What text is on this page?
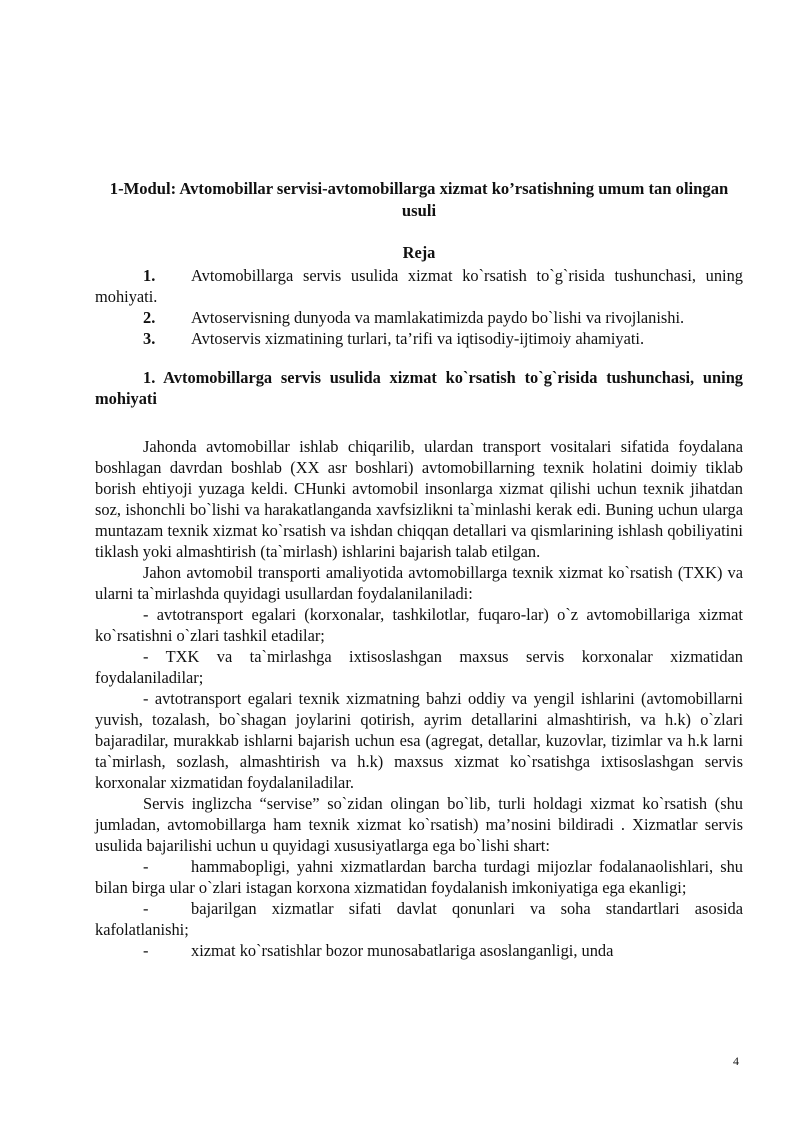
1-Modul: Avtomobillar servisi-avtomobillarga xizmat ko’rsatishning umum tan olingan usuli
Reja

1. Avtomobillarga servis usulida xizmat ko`rsatish to`g`risida tushunchasi, uning mohiyati.

2. Avtoservisning dunyoda va mamlakatimizda paydo bo`lishi va rivojlanishi.

3. Avtoservis xizmatining turlari, ta’rifi va iqtisodiy-ijtimoiy ahamiyati.

1. Avtomobillarga servis usulida xizmat ko`rsatish to`g`risida tushunchasi, uning mohiyati

Jahonda avtomobillar ishlab chiqarilib, ulardan transport vositalari sifatida foydalana boshlagan davrdan boshlab (XX asr boshlari) avtomobillarning texnik holatini doimiy tiklab borish ehtiyoji yuzaga keldi. CHunki avtomobil insonlarga xizmat qilishi uchun texnik jihatdan soz, ishonchli bo`lishi va harakatlanganda xavfsizlikni ta`minlashi kerak edi. Buning uchun ularga muntazam texnik xizmat ko`rsatish va ishdan chiqqan detallari va qismlarining ishlash qobiliyatini tiklash yoki almashtirish (ta`mirlash) ishlarini bajarish talab etilgan.

Jahon avtomobil transporti amaliyotida avtomobillarga texnik xizmat ko`rsatish (TXK) va ularni ta`mirlashda quyidagi usullardan foydalanilaniladi:

- avtotransport egalari (korxonalar, tashkilotlar, fuqaro-lar) o`z avtomobillariga xizmat ko`rsatishni o`zlari tashkil etadilar;

- TXK va ta`mirlashga ixtisoslashgan maxsus servis korxonalar xizmatidan foydalaniladilar;

- avtotransport egalari texnik xizmatning bahzi oddiy va yengil ishlarini (avtomobillarni yuvish, tozalash, bo`shagan joylarini qotirish, ayrim detallarini almashtirish, va h.k) o`zlari bajaradilar, murakkab ishlarni bajarish uchun esa (agregat, detallar, kuzovlar, tizimlar va h.k larni ta`mirlash, sozlash, almashtirish va h.k) maxsus xizmat ko`rsatishga ixtisoslashgan servis korxonalar xizmatidan foydalaniladilar.

Servis inglizcha “servise” so`zidan olingan bo`lib, turli holdagi xizmat ko`rsatish (shu jumladan, avtomobillarga ham texnik xizmat ko`rsatish) ma’nosini bildiradi . Xizmatlar servis usulida bajarilishi uchun u quyidagi xususiyatlarga ega bo`lishi shart:

-	hammabopligi, yahni xizmatlardan barcha turdagi mijozlar fodalanaolishlari, shu bilan birga ular o`zlari istagan korxona xizmatidan foydalanish imkoniyatiga ega ekanligi;

-	bajarilgan xizmatlar sifati davlat qonunlari va soha standartlari asosida kafolatlanishi;

-	xizmat ko`rsatishlar bozor munosabatlariga asoslanganligi, unda

4
